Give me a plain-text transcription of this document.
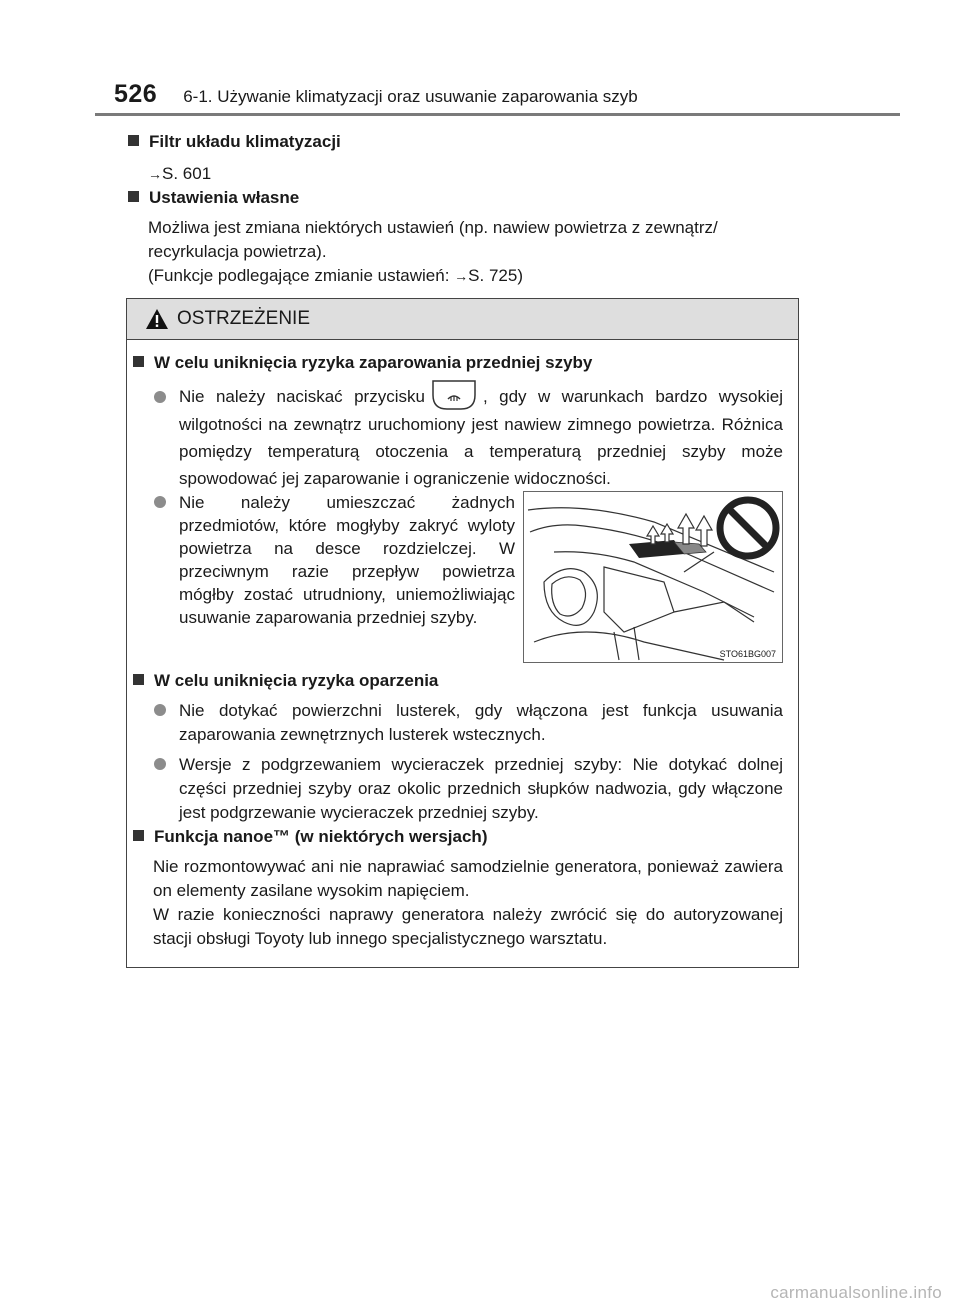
526 6-1. Używanie klimatyzacji oraz usuwanie zaparowania szyb
Filtr układu klimatyzacji
→S. 601
Ustawienia własne
Możliwa jest zmiana niektórych ustawień (np. nawiew powietrza z zewnątrz/
recyrkulacja powietrza).
(Funkcje podlegające zmianie ustawień: →S. 725)
OSTRZEŻENIE
W celu uniknięcia ryzyka zaparowania przedniej szyby
Nie należy naciskać przycisku	, gdy w warunkach bardzo wysokiej wilgotności na zewnątrz uruchomiony jest nawiew zimnego powietrza. Różnica pomiędzy temperaturą otoczenia a temperaturą przedniej szyby może spowodować jej zaparowanie i ograniczenie widoczności.
Nie należy umieszczać żadnych przedmiotów, które mogłyby zakryć wyloty powietrza na desce rozdzielczej. W przeciwnym razie przepływ powietrza mógłby zostać utrudniony, uniemożliwiając usuwanie zaparowania przedniej szyby.
STO61BG007
W celu uniknięcia ryzyka oparzenia
Nie dotykać powierzchni lusterek, gdy włączona jest funkcja usuwania zaparowania zewnętrznych lusterek wstecznych.
Wersje z podgrzewaniem wycieraczek przedniej szyby: Nie dotykać dolnej części przedniej szyby oraz okolic przednich słupków nadwozia, gdy włączone jest podgrzewanie wycieraczek przedniej szyby.
Funkcja nanoe™ (w niektórych wersjach)
Nie rozmontowywać ani nie naprawiać samodzielnie generatora, ponieważ zawiera on elementy zasilane wysokim napięciem.
W razie konieczności naprawy generatora należy zwrócić się do autoryzowanej stacji obsługi Toyoty lub innego specjalistycznego warsztatu.
carmanualsonline.info
